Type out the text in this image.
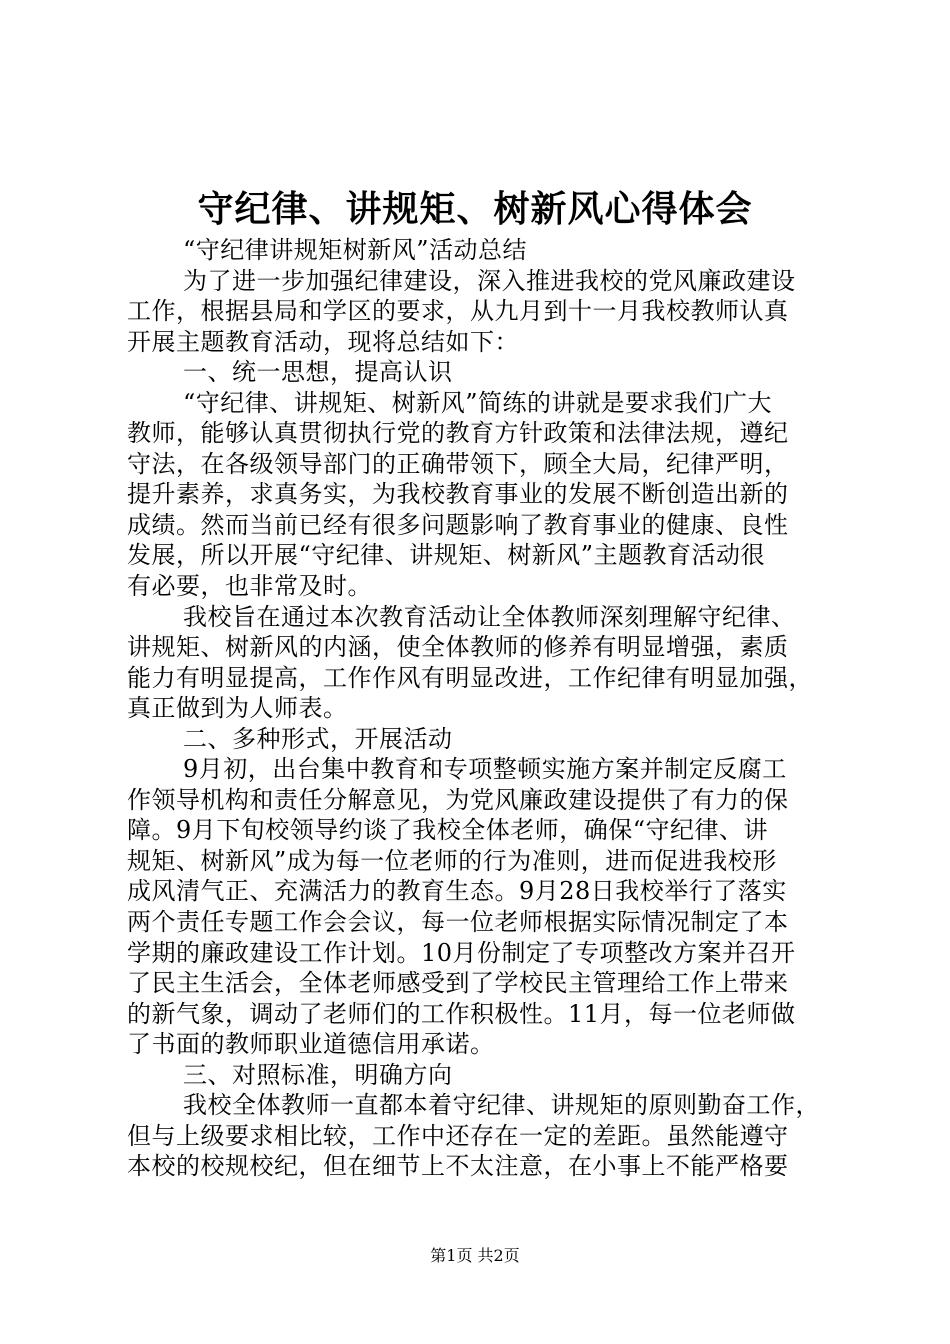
守纪律、讲规矩、树新风心得体会
“守纪律讲规矩树新风”活动总结
为了进一步加强纪律建设，深入推进我校的党风廉政建设
工作，根据县局和学区的要求，从九月到十一月我校教师认真
开展主题教育活动，现将总结如下：
一、统一思想，提高认识
“守纪律、讲规矩、树新风”简练的讲就是要求我们广大
教师，能够认真贯彻执行党的教育方针政策和法律法规，遵纪
守法，在各级领导部门的正确带领下，顾全大局，纪律严明，
提升素养，求真务实，为我校教育事业的发展不断创造出新的
成绩。然而当前已经有很多问题影响了教育事业的健康、良性
发展，所以开展“守纪律、讲规矩、树新风”主题教育活动很
有必要，也非常及时。
我校旨在通过本次教育活动让全体教师深刻理解守纪律、
讲规矩、树新风的内涵，使全体教师的修养有明显增强，素质
能力有明显提高，工作作风有明显改进，工作纪律有明显加强，
真正做到为人师表。
二、多种形式，开展活动
9月初，出台集中教育和专项整顿实施方案并制定反腐工
作领导机构和责任分解意见，为党风廉政建设提供了有力的保
障。9月下旬校领导约谈了我校全体老师，确保“守纪律、讲
规矩、树新风”成为每一位老师的行为准则，进而促进我校形
成风清气正、充满活力的教育生态。9月28日我校举行了落实
两个责任专题工作会会议，每一位老师根据实际情况制定了本
学期的廉政建设工作计划。10月份制定了专项整改方案并召开
了民主生活会，全体老师感受到了学校民主管理给工作上带来
的新气象，调动了老师们的工作积极性。11月，每一位老师做
了书面的教师职业道德信用承诺。
三、对照标准，明确方向
我校全体教师一直都本着守纪律、讲规矩的原则勤奋工作，
但与上级要求相比较，工作中还存在一定的差距。虽然能遵守
本校的校规校纪，但在细节上不太注意，在小事上不能严格要
第1页 共2页
